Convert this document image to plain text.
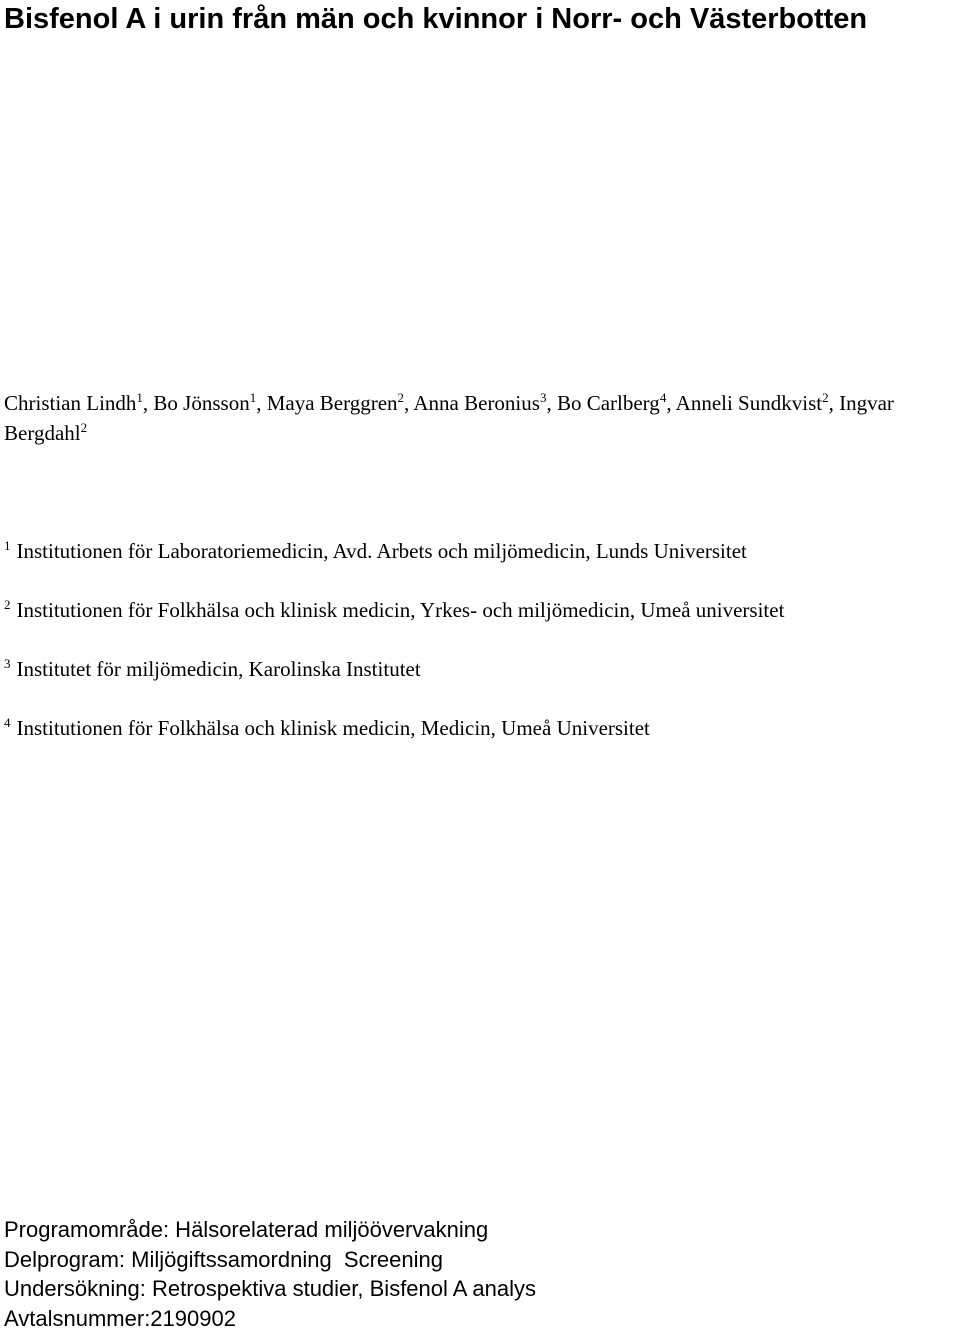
Bisfenol A i urin från män och kvinnor i Norr- och Västerbotten
Christian Lindh$^1$, Bo Jönsson$^1$, Maya Berggren$^2$, Anna Beronius$^3$, Bo Carlberg$^4$, Anneli Sundkvist$^2$, Ingvar Bergdahl$^2$
$^1$ Institutionen för Laboratoriemedicin, Avd. Arbets och miljömedicin, Lunds Universitet
$^2$ Institutionen för Folkhälsa och klinisk medicin, Yrkes- och miljömedicin, Umeå universitet
$^3$ Institutet för miljömedicin, Karolinska Institutet
$^4$ Institutionen för Folkhälsa och klinisk medicin, Medicin, Umeå Universitet
Programområde: Hälsorelaterad miljöövervakning
Delprogram: Miljögiftssamordning  Screening
Undersökning: Retrospektiva studier, Bisfenol A analys
Avtalsnummer:2190902
